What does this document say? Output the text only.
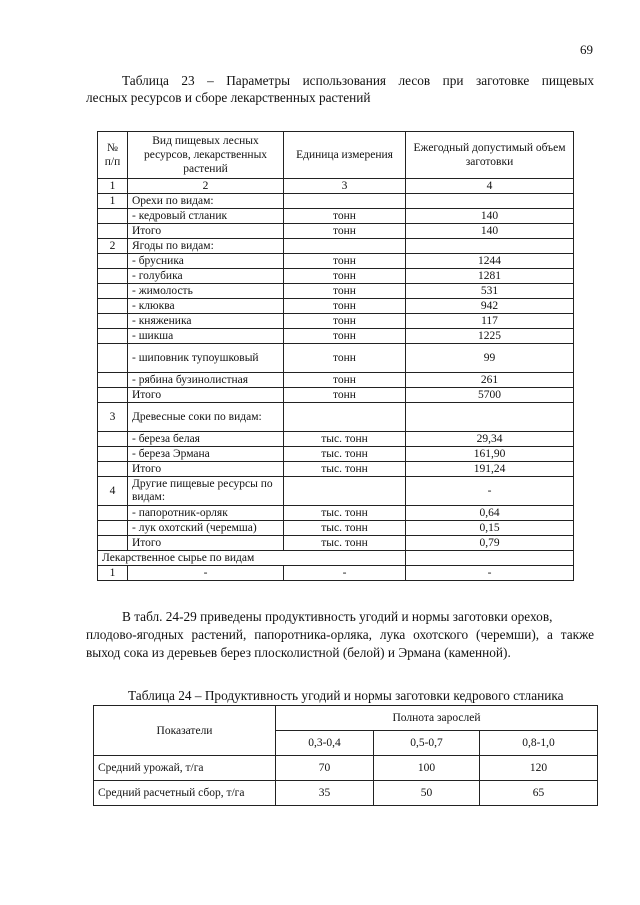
69
Таблица 23 – Параметры использования лесов при заготовке пищевых
лесных ресурсов и сборе лекарственных растений
№ п/п	Вид пищевых лесных ресурсов, лекарственных растений	Единица измерения	Ежегодный допустимый объем заготовки
1	2	3	4
1	Орехи по видам:		
	- кедровый стланик	тонн	140
	Итого	тонн	140
2	Ягоды по видам:		
	- брусника	тонн	1244
	- голубика	тонн	1281
	- жимолость	тонн	531
	- клюква	тонн	942
	- княженика	тонн	117
	- шикша	тонн	1225
	- шиповник тупоушковый	тонн	99
	- рябина бузинолистная	тонн	261
	Итого	тонн	5700
3	Древесные соки по видам:		
	- береза белая	тыс. тонн	29,34
	- береза Эрмана	тыс. тонн	161,90
	Итого	тыс. тонн	191,24
4	Другие пищевые ресурсы по видам:		-
	- папоротник-орляк	тыс. тонн	0,64
	- лук охотский (черемша)	тыс. тонн	0,15
	Итого	тыс. тонн	0,79
Лекарственное сырье по видам			
1	-	-	-
В табл. 24-29 приведены продуктивность угодий и нормы заготовки орехов,
плодово-ягодных растений, папоротника-орляка, лука охотского (черемши), а также выход сока из деревьев берез плосколистной (белой) и Эрмана (каменной).
Таблица 24 – Продуктивность угодий и нормы заготовки кедрового стланика
Показатели	Полнота зарослей		
	0,3-0,4	0,5-0,7	0,8-1,0
Средний урожай, т/га	70	100	120
Средний расчетный сбор, т/га	35	50	65
